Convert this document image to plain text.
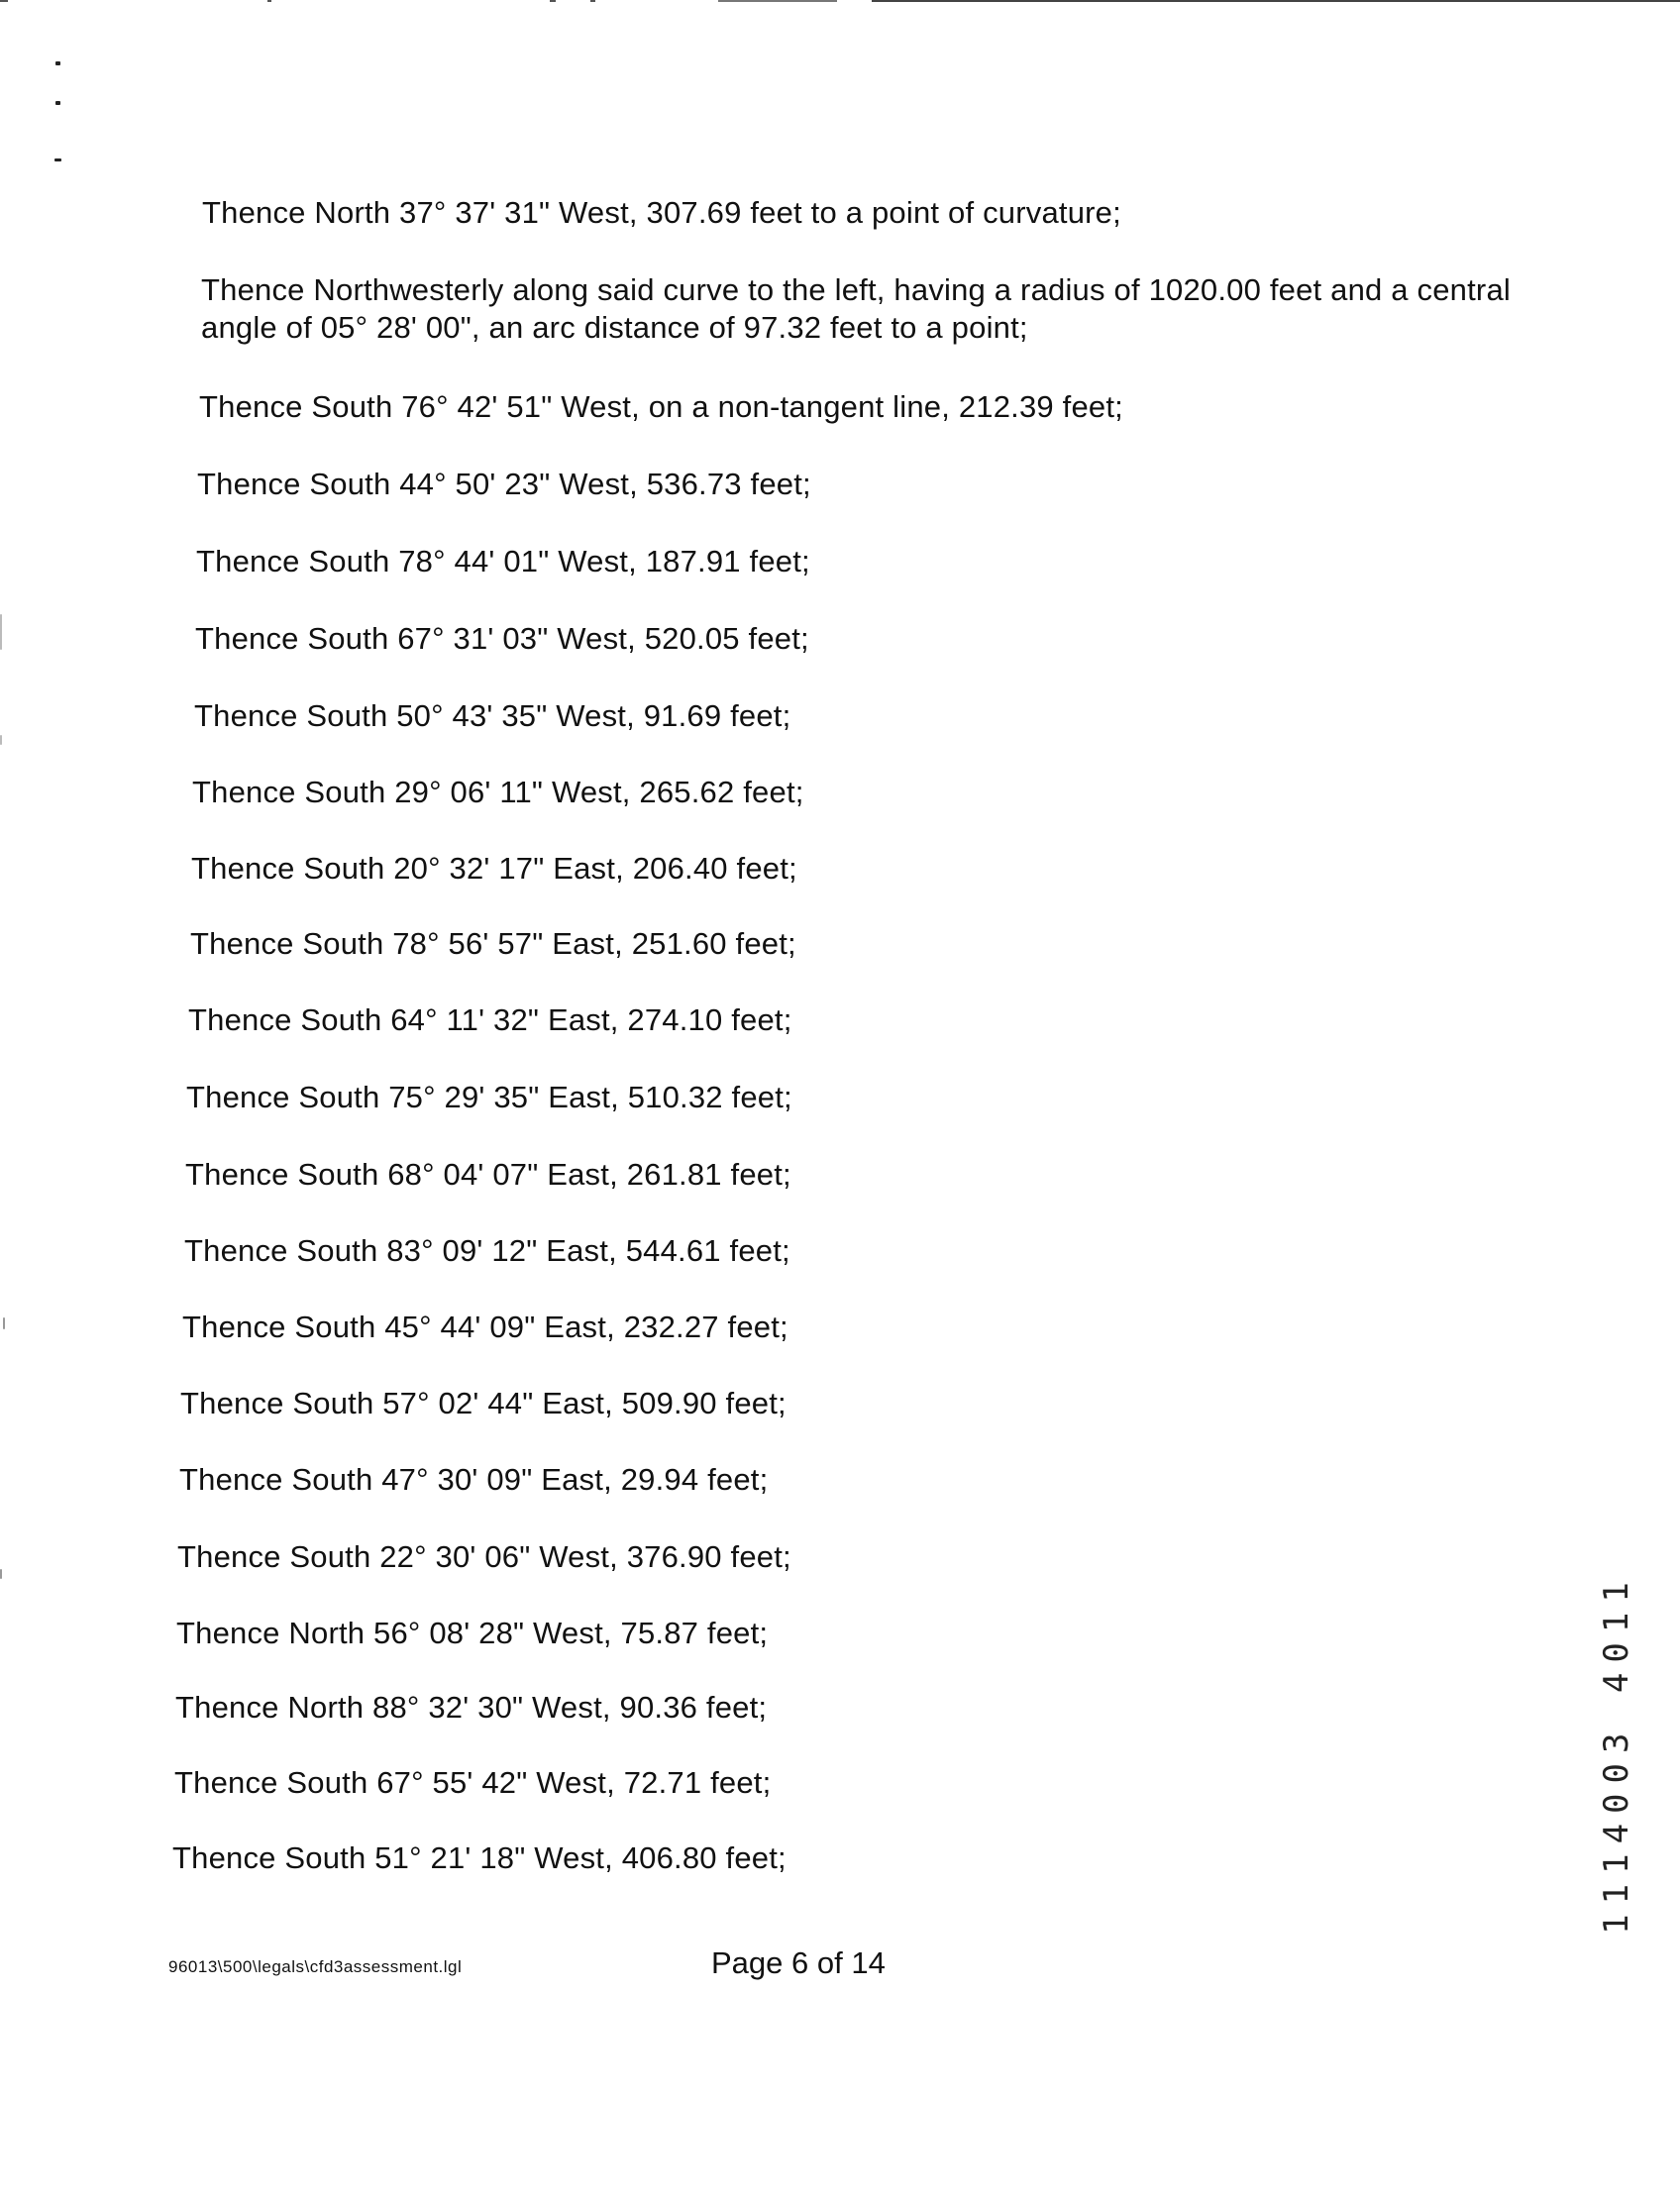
Thence North 37° 37' 31" West, 307.69 feet to a point of curvature;
Thence Northwesterly along said curve to the left, having a radius of 1020.00 feet and a central angle of 05° 28' 00", an arc distance of 97.32 feet to a point;
Thence South 76° 42' 51" West, on a non-tangent line, 212.39 feet;
Thence South 44° 50' 23" West, 536.73 feet;
Thence South 78° 44' 01" West, 187.91 feet;
Thence South 67° 31' 03" West, 520.05 feet;
Thence South 50° 43' 35" West, 91.69 feet;
Thence South 29° 06' 11" West, 265.62 feet;
Thence South 20° 32' 17" East, 206.40 feet;
Thence South 78° 56' 57" East, 251.60 feet;
Thence South 64° 11' 32" East, 274.10 feet;
Thence South 75° 29' 35" East, 510.32 feet;
Thence South 68° 04' 07" East, 261.81 feet;
Thence South 83° 09' 12" East, 544.61 feet;
Thence South 45° 44' 09" East, 232.27 feet;
Thence South 57° 02' 44" East, 509.90 feet;
Thence South 47° 30' 09" East, 29.94 feet;
Thence South 22° 30' 06" West, 376.90 feet;
Thence North 56° 08' 28" West, 75.87 feet;
Thence North 88° 32' 30" West, 90.36 feet;
Thence South 67° 55' 42" West, 72.71 feet;
Thence South 51° 21' 18" West, 406.80 feet;
96013\500\legals\cfd3assessment.lgl	Page 6 of 14
1114003 4011
